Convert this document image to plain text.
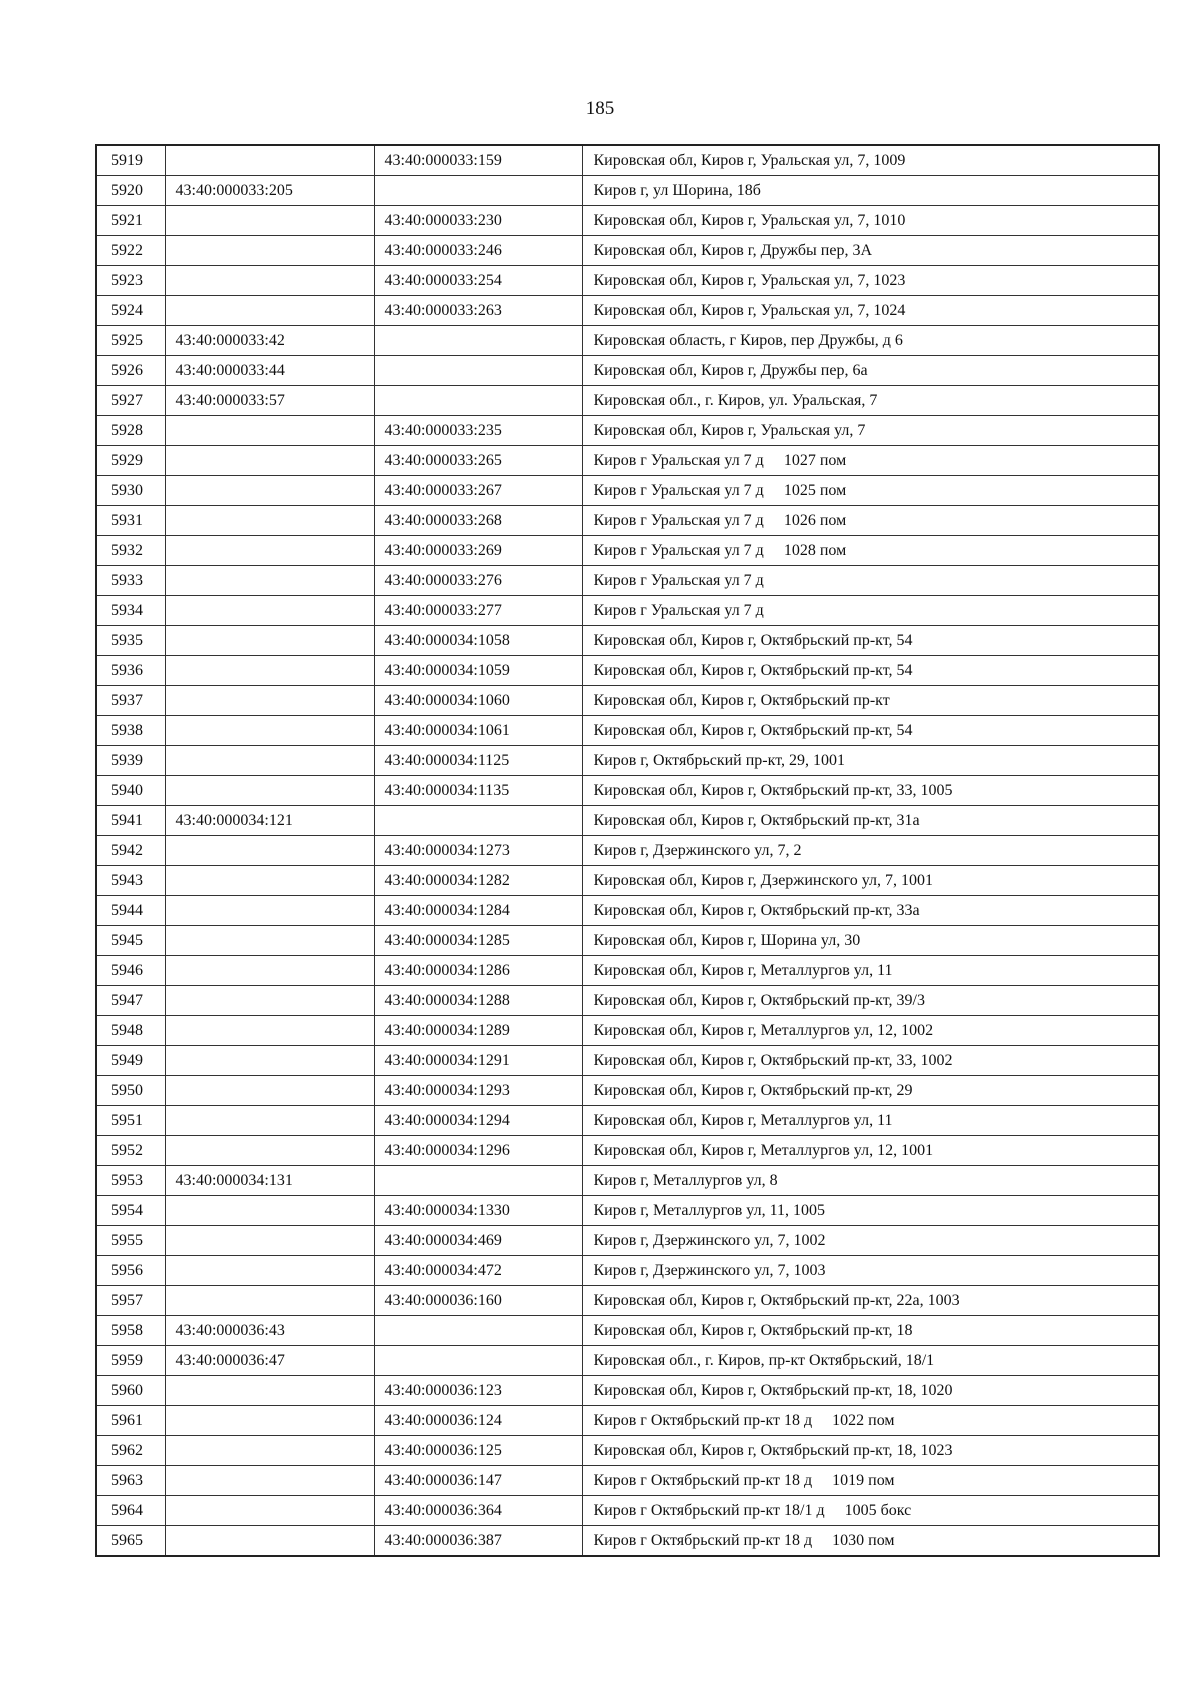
185
5919		43:40:000033:159	Кировская обл, Киров г, Уральская ул, 7, 1009
5920	43:40:000033:205		Киров г, ул Шорина, 18б
5921		43:40:000033:230	Кировская обл, Киров г, Уральская ул, 7, 1010
5922		43:40:000033:246	Кировская обл, Киров г, Дружбы пер, 3А
5923		43:40:000033:254	Кировская обл, Киров г, Уральская ул, 7, 1023
5924		43:40:000033:263	Кировская обл, Киров г, Уральская ул, 7, 1024
5925	43:40:000033:42		Кировская область, г Киров, пер Дружбы, д 6
5926	43:40:000033:44		Кировская обл, Киров г, Дружбы пер, 6а
5927	43:40:000033:57		Кировская обл., г. Киров, ул. Уральская, 7
5928		43:40:000033:235	Кировская обл, Киров г, Уральская ул, 7
5929		43:40:000033:265	Киров г Уральская ул 7 д     1027 пом
5930		43:40:000033:267	Киров г Уральская ул 7 д     1025 пом
5931		43:40:000033:268	Киров г Уральская ул 7 д     1026 пом
5932		43:40:000033:269	Киров г Уральская ул 7 д     1028 пом
5933		43:40:000033:276	Киров г Уральская ул 7 д
5934		43:40:000033:277	Киров г Уральская ул 7 д
5935		43:40:000034:1058	Кировская обл, Киров г, Октябрьский пр-кт, 54
5936		43:40:000034:1059	Кировская обл, Киров г, Октябрьский пр-кт, 54
5937		43:40:000034:1060	Кировская обл, Киров г, Октябрьский пр-кт
5938		43:40:000034:1061	Кировская обл, Киров г, Октябрьский пр-кт, 54
5939		43:40:000034:1125	Киров г, Октябрьский пр-кт, 29, 1001
5940		43:40:000034:1135	Кировская обл, Киров г, Октябрьский пр-кт, 33, 1005
5941	43:40:000034:121		Кировская обл, Киров г, Октябрьский пр-кт, 31а
5942		43:40:000034:1273	Киров г, Дзержинского ул, 7, 2
5943		43:40:000034:1282	Кировская обл, Киров г, Дзержинского ул, 7, 1001
5944		43:40:000034:1284	Кировская обл, Киров г, Октябрьский пр-кт, 33а
5945		43:40:000034:1285	Кировская обл, Киров г, Шорина ул, 30
5946		43:40:000034:1286	Кировская обл, Киров г, Металлургов ул, 11
5947		43:40:000034:1288	Кировская обл, Киров г, Октябрьский пр-кт, 39/3
5948		43:40:000034:1289	Кировская обл, Киров г, Металлургов ул, 12, 1002
5949		43:40:000034:1291	Кировская обл, Киров г, Октябрьский пр-кт, 33, 1002
5950		43:40:000034:1293	Кировская обл, Киров г, Октябрьский пр-кт, 29
5951		43:40:000034:1294	Кировская обл, Киров г, Металлургов ул, 11
5952		43:40:000034:1296	Кировская обл, Киров г, Металлургов ул, 12, 1001
5953	43:40:000034:131		Киров г, Металлургов ул, 8
5954		43:40:000034:1330	Киров г, Металлургов ул, 11, 1005
5955		43:40:000034:469	Киров г, Дзержинского ул, 7, 1002
5956		43:40:000034:472	Киров г, Дзержинского ул, 7, 1003
5957		43:40:000036:160	Кировская обл, Киров г, Октябрьский пр-кт, 22а, 1003
5958	43:40:000036:43		Кировская обл, Киров г, Октябрьский пр-кт, 18
5959	43:40:000036:47		Кировская обл., г. Киров, пр-кт Октябрьский, 18/1
5960		43:40:000036:123	Кировская обл, Киров г, Октябрьский пр-кт, 18, 1020
5961		43:40:000036:124	Киров г Октябрьский пр-кт 18 д     1022 пом
5962		43:40:000036:125	Кировская обл, Киров г, Октябрьский пр-кт, 18, 1023
5963		43:40:000036:147	Киров г Октябрьский пр-кт 18 д     1019 пом
5964		43:40:000036:364	Киров г Октябрьский пр-кт 18/1 д     1005 бокс
5965		43:40:000036:387	Киров г Октябрьский пр-кт 18 д     1030 пом
